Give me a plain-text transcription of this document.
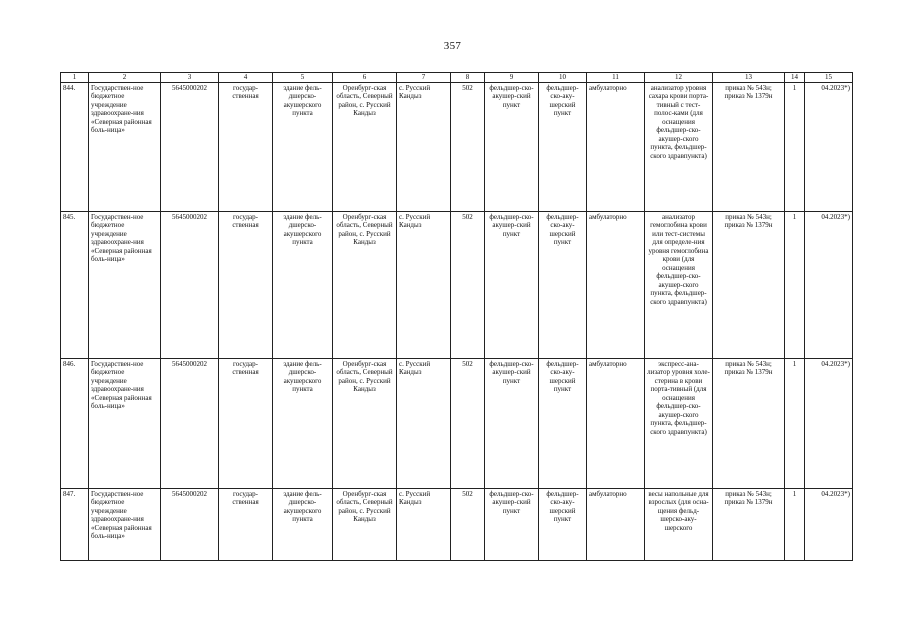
357
1	2	3	4	5	6	7	8	9	10	11	12	13	14	15
844.	Государствен-ное бюджетное учреждение здравоохране-ния «Северная районная боль-ница»	5645000202	государ-ственная	здание фель-дшерско-акушерского пункта	Оренбург-ская область, Северный район, с. Русский Кандыз	с. Русский Кандыз	502	фельдшер-ско-акушер-ский пункт	фельдшер-ско-аку-шерский пункт	амбулаторно	анализатор уровня сахара крови порта-тивный с тест-полос-ками (для оснащения фельдшер-ско-акушер-ского пункта, фельдшер-ского здравпункта)	приказ № 543н; приказ № 1379н	1	04.2023*)
845.	Государствен-ное бюджетное учреждение здравоохране-ния «Северная районная боль-ница»	5645000202	государ-ственная	здание фель-дшерско-акушерского пункта	Оренбург-ская область, Северный район, с. Русский Кандыз	с. Русский Кандыз	502	фельдшер-ско-акушер-ский пункт	фельдшер-ско-аку-шерский пункт	амбулаторно	анализатор гемоглобина крови или тест-системы для определе-ния уровня гемоглобина крови (для оснащения фельдшер-ско-акушер-ского пункта, фельдшер-ского здравпункта)	приказ № 543н; приказ № 1379н	1	04.2023*)
846.	Государствен-ное бюджетное учреждение здравоохране-ния «Северная районная боль-ница»	5645000202	государ-ственная	здание фель-дшерско-акушерского пункта	Оренбург-ская область, Северный район, с. Русский Кандыз	с. Русский Кандыз	502	фельдшер-ско-акушер-ский пункт	фельдшер-ско-аку-шерский пункт	амбулаторно	экспресс-ана-лизатор уровня холе-стерина в крови порта-тивный (для оснащения фельдшер-ско-акушер-ского пункта, фельдшер-ского здравпункта)	приказ № 543н; приказ № 1379н	1	04.2023*)
847.	Государствен-ное бюджетное учреждение здравоохране-ния «Северная районная боль-ница»	5645000202	государ-ственная	здание фель-дшерско-акушерского пункта	Оренбург-ская область, Северный район, с. Русский Кандыз	с. Русский Кандыз	502	фельдшер-ско-акушер-ский пункт	фельдшер-ско-аку-шерский пункт	амбулаторно	весы напольные для взрослых (для осна-щения фельд-шерско-аку-шерского	приказ № 543н; приказ № 1379н	1	04.2023*)
